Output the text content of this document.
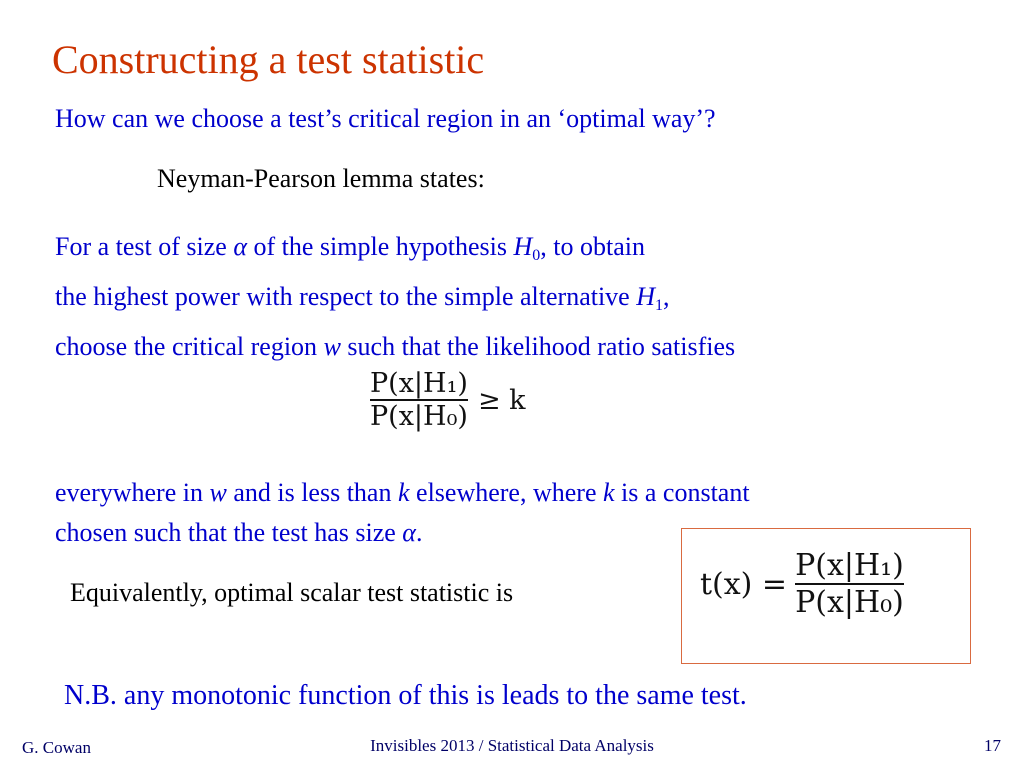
Constructing a test statistic
How can we choose a test’s critical region in an ‘optimal way’?
Neyman-Pearson lemma states:
For a test of size α of the simple hypothesis $H_0$, to obtain
the highest power with respect to the simple alternative $H_1$,
choose the critical region w such that the likelihood ratio satisfies
$\frac{\text{P(x|H₁)}}{\text{P(x|H₀)}} \ge k$
everywhere in w and is less than k elsewhere, where k is a constant
chosen such that the test has size α.
Equivalently, optimal scalar test statistic is	$t(x) = \frac{\text{P(x|H₁)}}{\text{P(x|H₀)}}$
N.B. any monotonic function of this is leads to the same test.
G. Cowan	Invisibles 2013 / Statistical Data Analysis	17
